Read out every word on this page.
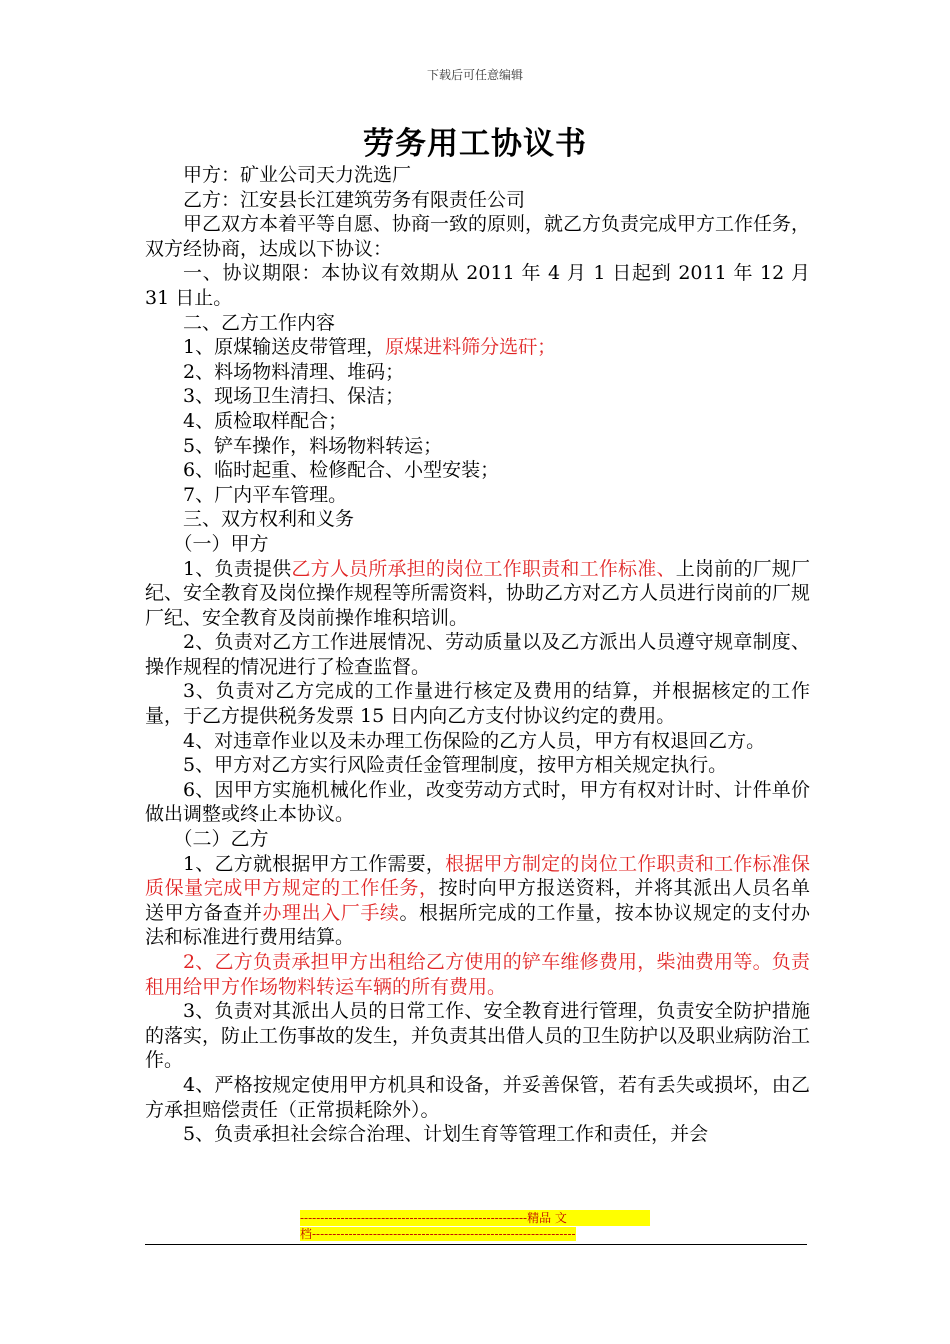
下载后可任意编辑
劳务用工协议书

甲方：矿业公司天力洗选厂

乙方：江安县长江建筑劳务有限责任公司

甲乙双方本着平等自愿、协商一致的原则，就乙方负责完成甲方工作任务，双方经协商，达成以下协议：

一、协议期限：本协议有效期从 2011 年 4 月 1 日起到 2011 年 12 月 31 日止。

二、乙方工作内容

1、原煤输送皮带管理，原煤进料筛分选矸；

2、料场物料清理、堆码；

3、现场卫生清扫、保洁；

4、质检取样配合；

5、铲车操作，料场物料转运；

6、临时起重、检修配合、小型安装；

7、厂内平车管理。

三、双方权利和义务

（一）甲方

1、负责提供乙方人员所承担的岗位工作职责和工作标准、上岗前的厂规厂纪、安全教育及岗位操作规程等所需资料，协助乙方对乙方人员进行岗前的厂规厂纪、安全教育及岗前操作堆积培训。

2、负责对乙方工作进展情况、劳动质量以及乙方派出人员遵守规章制度、操作规程的情况进行了检查监督。

3、负责对乙方完成的工作量进行核定及费用的结算，并根据核定的工作量，于乙方提供税务发票 15 日内向乙方支付协议约定的费用。

4、对违章作业以及未办理工伤保险的乙方人员，甲方有权退回乙方。

5、甲方对乙方实行风险责任金管理制度，按甲方相关规定执行。

6、因甲方实施机械化作业，改变劳动方式时，甲方有权对计时、计件单价做出调整或终止本协议。

（二）乙方

1、乙方就根据甲方工作需要，根据甲方制定的岗位工作职责和工作标准保质保量完成甲方规定的工作任务，按时向甲方报送资料，并将其派出人员名单送甲方备查并办理出入厂手续。根据所完成的工作量，按本协议规定的支付办法和标准进行费用结算。

2、乙方负责承担甲方出租给乙方使用的铲车维修费用，柴油费用等。负责租用给甲方作场物料转运车辆的所有费用。

3、负责对其派出人员的日常工作、安全教育进行管理，负责安全防护措施的落实，防止工伤事故的发生，并负责其出借人员的卫生防护以及职业病防治工作。

4、严格按规定使用甲方机具和设备，并妥善保管，若有丢失或损坏，由乙方承担赔偿责任（正常损耗除外）。

5、负责承担社会综合治理、计划生育等管理工作和责任，并会

--------------------------------------------------------精品 文
档-----------------------------------------------------------------
